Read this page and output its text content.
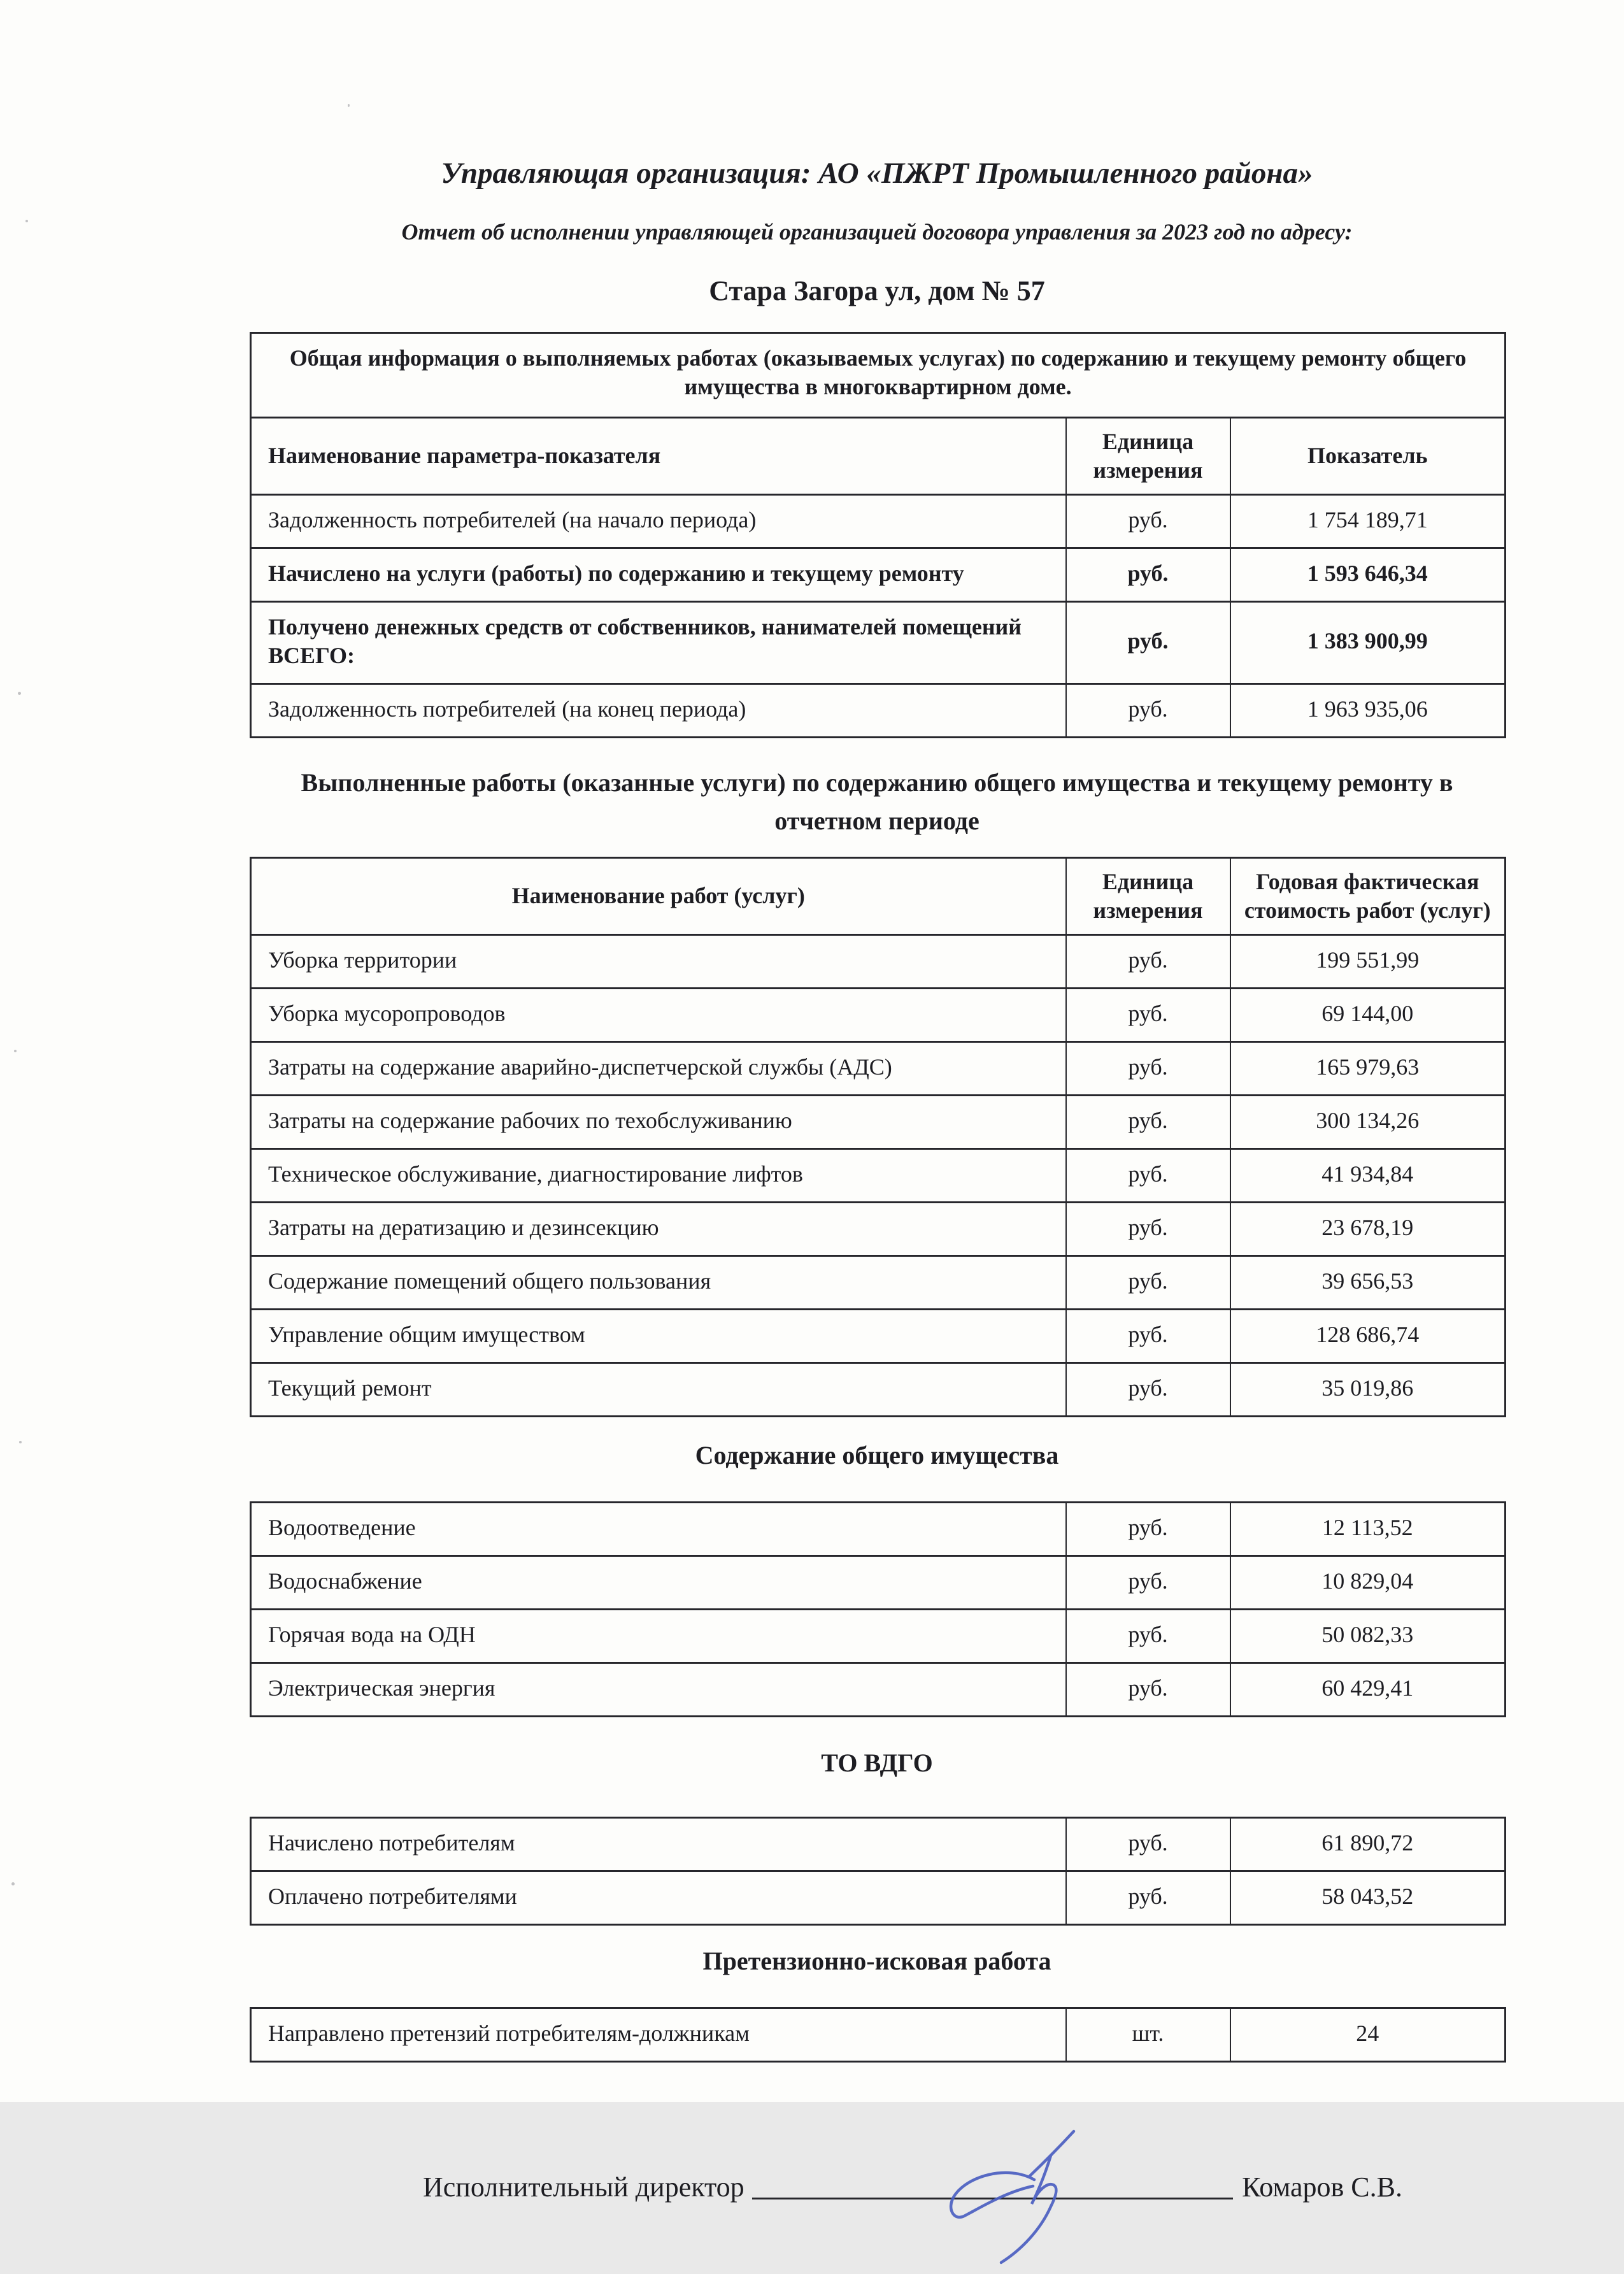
Управляющая организация: АО «ПЖРТ Промышленного района»
Отчет об исполнении управляющей организацией договора управления за 2023 год по адресу:
Стара Загора ул, дом № 57
Общая информация о выполняемых работах (оказываемых услугах) по содержанию и текущему ремонту общего имущества в многоквартирном доме.		
Наименование параметра-показателя	Единица измерения	Показатель
Задолженность потребителей (на начало периода)	руб.	1 754 189,71
Начислено на услуги (работы) по содержанию и текущему ремонту	руб.	1 593 646,34
Получено денежных средств от собственников, нанимателей помещений ВСЕГО:	руб.	1 383 900,99
Задолженность потребителей (на конец периода)	руб.	1 963 935,06
Выполненные работы (оказанные услуги) по содержанию общего имущества и текущему ремонту в отчетном периоде
Наименование работ (услуг)	Единица измерения	Годовая фактическая стоимость работ (услуг)
Уборка территории	руб.	199 551,99
Уборка мусоропроводов	руб.	69 144,00
Затраты на содержание аварийно-диспетчерской службы (АДС)	руб.	165 979,63
Затраты на содержание рабочих по техобслуживанию	руб.	300 134,26
Техническое обслуживание, диагностирование лифтов	руб.	41 934,84
Затраты на дератизацию и дезинсекцию	руб.	23 678,19
Содержание помещений общего пользования	руб.	39 656,53
Управление общим имуществом	руб.	128 686,74
Текущий ремонт	руб.	35 019,86
Содержание общего имущества
Водоотведение	руб.	12 113,52
Водоснабжение	руб.	10 829,04
Горячая вода на ОДН	руб.	50 082,33
Электрическая энергия	руб.	60 429,41
ТО ВДГО
Начислено потребителям	руб.	61 890,72
Оплачено потребителями	руб.	58 043,52
Претензионно-исковая работа
Направлено претензий потребителям-должникам	шт.	24
Исполнительный директор	Комаров С.В.
